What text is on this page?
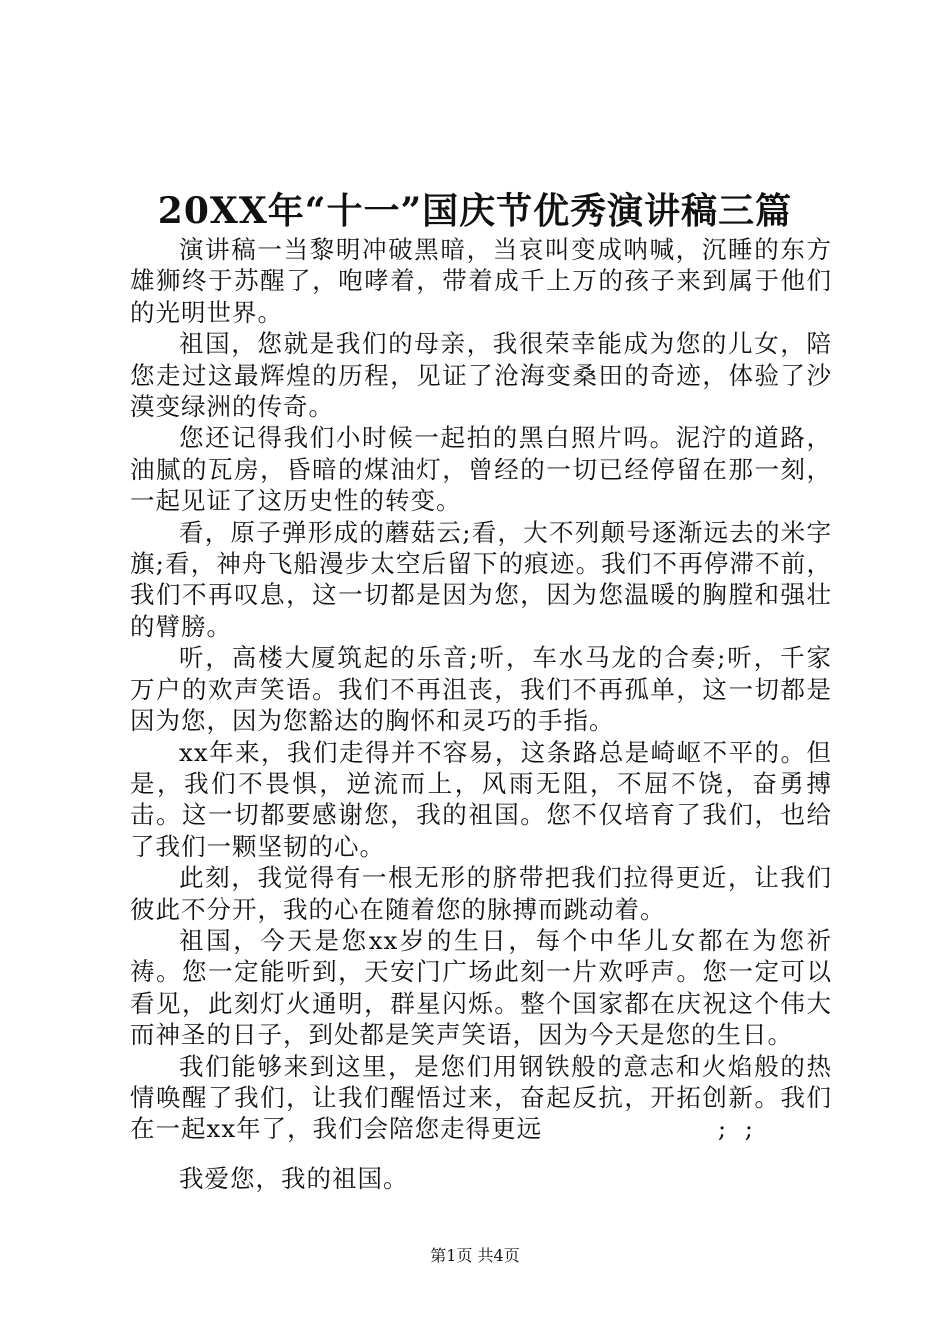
20XX年“十一”国庆节优秀演讲稿三篇

演讲稿一当黎明冲破黑暗，当哀叫变成呐喊，沉睡的东方雄狮终于苏醒了，咆哮着，带着成千上万的孩子来到属于他们的光明世界。

祖国，您就是我们的母亲，我很荣幸能成为您的儿女，陪您走过这最辉煌的历程，见证了沧海变桑田的奇迹，体验了沙漠变绿洲的传奇。

您还记得我们小时候一起拍的黑白照片吗。泥泞的道路，油腻的瓦房，昏暗的煤油灯，曾经的一切已经停留在那一刻，一起见证了这历史性的转变。

看，原子弹形成的蘑菇云;看，大不列颠号逐渐远去的米字旗;看，神舟飞船漫步太空后留下的痕迹。我们不再停滞不前，我们不再叹息，这一切都是因为您，因为您温暖的胸膛和强壮的臂膀。

听，高楼大厦筑起的乐音;听，车水马龙的合奏;听，千家万户的欢声笑语。我们不再沮丧，我们不再孤单，这一切都是因为您，因为您豁达的胸怀和灵巧的手指。

xx年来，我们走得并不容易，这条路总是崎岖不平的。但是，我们不畏惧，逆流而上，风雨无阻，不屈不饶，奋勇搏击。这一切都要感谢您，我的祖国。您不仅培育了我们，也给了我们一颗坚韧的心。

此刻，我觉得有一根无形的脐带把我们拉得更近，让我们彼此不分开，我的心在随着您的脉搏而跳动着。

祖国，今天是您xx岁的生日，每个中华儿女都在为您祈祷。您一定能听到，天安门广场此刻一片欢呼声。您一定可以看见，此刻灯火通明，群星闪烁。整个国家都在庆祝这个伟大而神圣的日子，到处都是笑声笑语，因为今天是您的生日。

我们能够来到这里，是您们用钢铁般的意志和火焰般的热情唤醒了我们，让我们醒悟过来，奋起反抗，开拓创新。我们在一起xx年了，我们会陪您走得更远                    ;  ;

我爱您，我的祖国。

第1页 共4页
